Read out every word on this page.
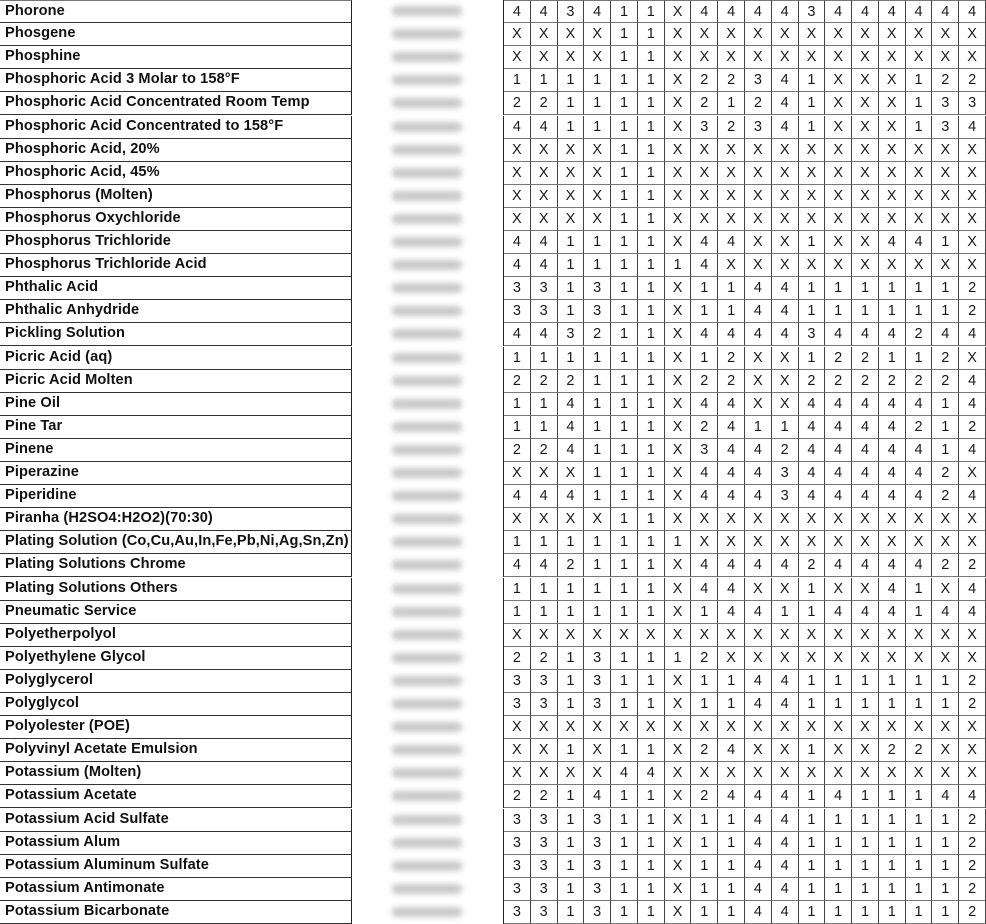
Phorone	4	4	3	4	1	1	X	4	4	4	4	3	4	4	4	4	4	4
Phosgene	X	X	X	X	1	1	X	X	X	X	X	X	X	X	X	X	X	X
Phosphine	X	X	X	X	1	1	X	X	X	X	X	X	X	X	X	X	X	X
Phosphoric Acid 3 Molar to 158°F	1	1	1	1	1	1	X	2	2	3	4	1	X	X	X	1	2	2
Phosphoric Acid Concentrated Room Temp	2	2	1	1	1	1	X	2	1	2	4	1	X	X	X	1	3	3
Phosphoric Acid Concentrated to 158°F	4	4	1	1	1	1	X	3	2	3	4	1	X	X	X	1	3	4
Phosphoric Acid, 20%	X	X	X	X	1	1	X	X	X	X	X	X	X	X	X	X	X	X
Phosphoric Acid, 45%	X	X	X	X	1	1	X	X	X	X	X	X	X	X	X	X	X	X
Phosphorus (Molten)	X	X	X	X	1	1	X	X	X	X	X	X	X	X	X	X	X	X
Phosphorus Oxychloride	X	X	X	X	1	1	X	X	X	X	X	X	X	X	X	X	X	X
Phosphorus Trichloride	4	4	1	1	1	1	X	4	4	X	X	1	X	X	4	4	1	X
Phosphorus Trichloride Acid	4	4	1	1	1	1	1	4	X	X	X	X	X	X	X	X	X	X
Phthalic Acid	3	3	1	3	1	1	X	1	1	4	4	1	1	1	1	1	1	2
Phthalic Anhydride	3	3	1	3	1	1	X	1	1	4	4	1	1	1	1	1	1	2
Pickling Solution	4	4	3	2	1	1	X	4	4	4	4	3	4	4	4	2	4	4
Picric Acid (aq)	1	1	1	1	1	1	X	1	2	X	X	1	2	2	1	1	2	X
Picric Acid Molten	2	2	2	1	1	1	X	2	2	X	X	2	2	2	2	2	2	4
Pine Oil	1	1	4	1	1	1	X	4	4	X	X	4	4	4	4	4	1	4
Pine Tar	1	1	4	1	1	1	X	2	4	1	1	4	4	4	4	2	1	2
Pinene	2	2	4	1	1	1	X	3	4	4	2	4	4	4	4	4	1	4
Piperazine	X	X	X	1	1	1	X	4	4	4	3	4	4	4	4	4	2	X
Piperidine	4	4	4	1	1	1	X	4	4	4	3	4	4	4	4	4	2	4
Piranha (H2SO4:H2O2)(70:30)	X	X	X	X	1	1	X	X	X	X	X	X	X	X	X	X	X	X
Plating Solution (Co,Cu,Au,In,Fe,Pb,Ni,Ag,Sn,Zn)	1	1	1	1	1	1	1	X	X	X	X	X	X	X	X	X	X	X
Plating Solutions Chrome	4	4	2	1	1	1	X	4	4	4	4	2	4	4	4	4	2	2
Plating Solutions Others	1	1	1	1	1	1	X	4	4	X	X	1	X	X	4	1	X	4
Pneumatic Service	1	1	1	1	1	1	X	1	4	4	1	1	4	4	4	1	4	4
Polyetherpolyol	X	X	X	X	X	X	X	X	X	X	X	X	X	X	X	X	X	X
Polyethylene Glycol	2	2	1	3	1	1	1	2	X	X	X	X	X	X	X	X	X	X
Polyglycerol	3	3	1	3	1	1	X	1	1	4	4	1	1	1	1	1	1	2
Polyglycol	3	3	1	3	1	1	X	1	1	4	4	1	1	1	1	1	1	2
Polyolester (POE)	X	X	X	X	X	X	X	X	X	X	X	X	X	X	X	X	X	X
Polyvinyl Acetate Emulsion	X	X	1	X	1	1	X	2	4	X	X	1	X	X	2	2	X	X
Potassium (Molten)	X	X	X	X	4	4	X	X	X	X	X	X	X	X	X	X	X	X
Potassium Acetate	2	2	1	4	1	1	X	2	4	4	4	1	4	1	1	1	4	4
Potassium Acid Sulfate	3	3	1	3	1	1	X	1	1	4	4	1	1	1	1	1	1	2
Potassium Alum	3	3	1	3	1	1	X	1	1	4	4	1	1	1	1	1	1	2
Potassium Aluminum Sulfate	3	3	1	3	1	1	X	1	1	4	4	1	1	1	1	1	1	2
Potassium Antimonate	3	3	1	3	1	1	X	1	1	4	4	1	1	1	1	1	1	2
Potassium Bicarbonate	3	3	1	3	1	1	X	1	1	4	4	1	1	1	1	1	1	2
